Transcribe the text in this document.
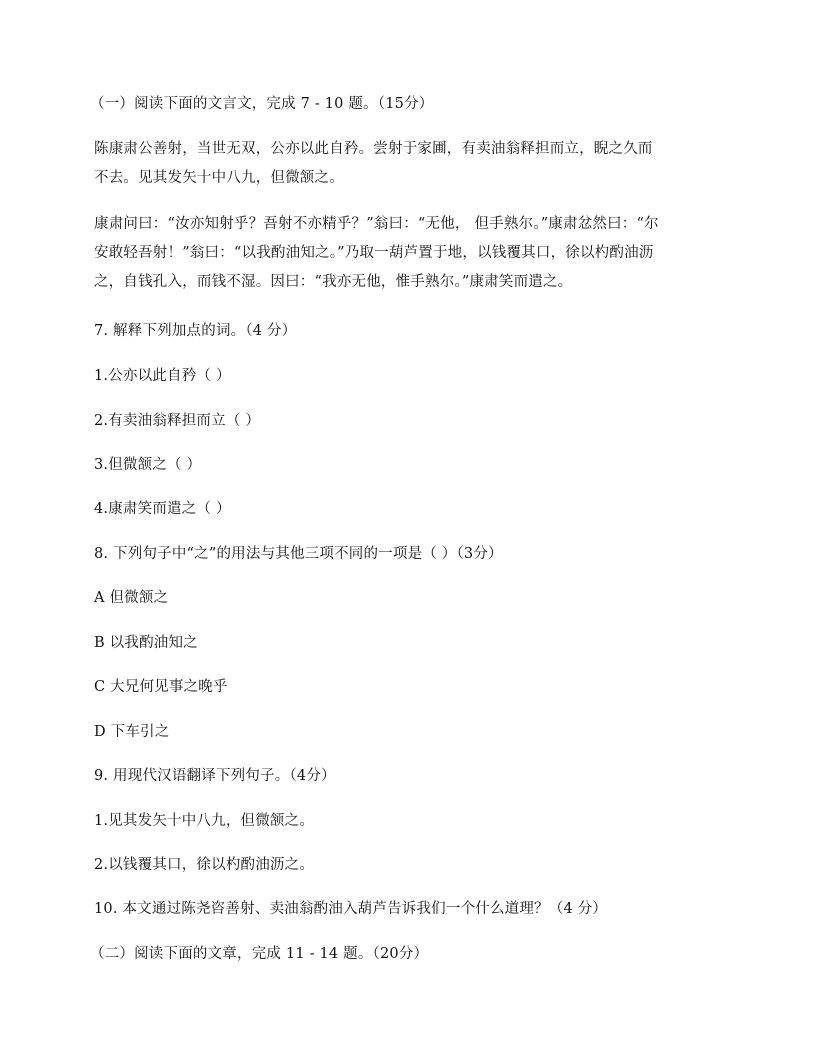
（一）阅读下面的文言文，完成 7 - 10 题。（15分）
陈康肃公善射，当世无双，公亦以此自矜。尝射于家圃，有卖油翁释担而立，睨之久而
不去。见其发矢十中八九，但微颔之。
康肃问曰：“汝亦知射乎？吾射不亦精乎？”翁曰：“无他， 但手熟尔。”康肃忿然曰：“尔
安敢轻吾射！”翁曰：“以我酌油知之。”乃取一葫芦置于地，以钱覆其口，徐以杓酌油沥
之，自钱孔入，而钱不湿。因曰：“我亦无他，惟手熟尔。”康肃笑而遣之。
7. 解释下列加点的词。（4 分）
1.公亦以此自矜（ ）
2.有卖油翁释担而立（ ）
3.但微颔之（ ）
4.康肃笑而遣之（ ）
8. 下列句子中“之”的用法与其他三项不同的一项是（ ）（3分）
A 但微颔之
B 以我酌油知之
C 大兄何见事之晚乎
D 下车引之
9. 用现代汉语翻译下列句子。（4分）
1.见其发矢十中八九，但微颔之。
2.以钱覆其口，徐以杓酌油沥之。
10. 本文通过陈尧咨善射、卖油翁酌油入葫芦告诉我们一个什么道理？（4 分）
（二）阅读下面的文章，完成 11 - 14 题。（20分）
